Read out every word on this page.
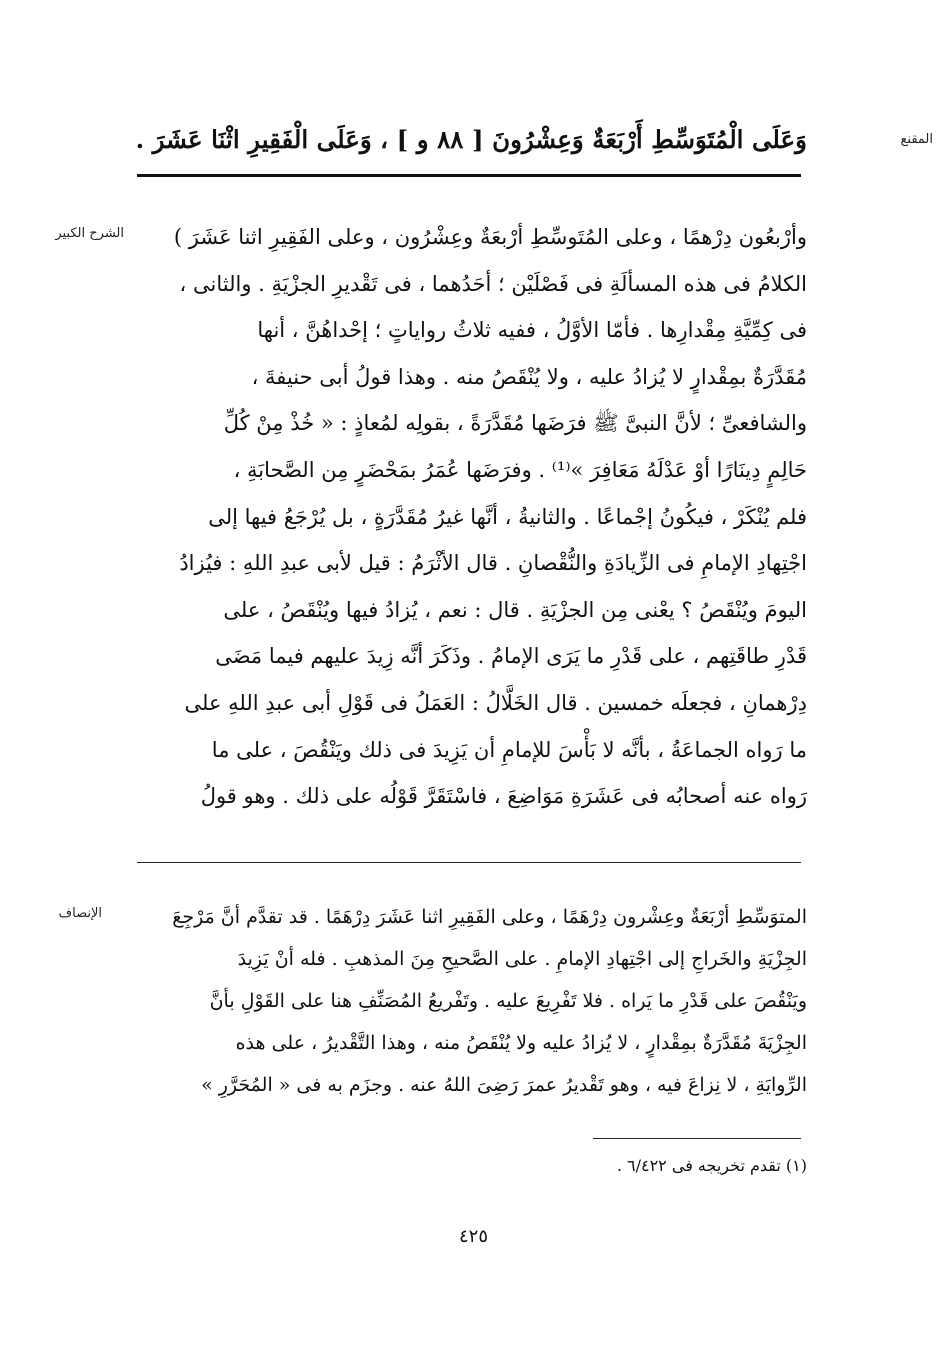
المقنع
وَعَلَى الْمُتَوَسِّطِ أَرْبَعَةٌ وَعِشْرُونَ [ ٨٨ و ] ، وَعَلَى الْفَقِيرِ اثْنَا عَشَرَ .
الشرح الكبير	وأرْبعُون دِرْهمًا ، وعلى المُتَوسِّطِ أرْبعَةٌ وعِشْرُون ، وعلى الفَقِيرِ اثنا عَشَرَ )
الكلامُ فى هذه المسألَةِ فى فَصْلَيْن ؛ أحَدُهما ، فى تَقْديرِ الجزْيَةِ . والثانى ،
فى كِمِّيَّةِ مِقْدارِها . فأمّا الأوَّلُ ، ففيه ثلاثُ رواياتٍ ؛ إحْداهُنَّ ، أنها
مُقَدَّرَةٌ بمِقْدارٍ لا يُزادُ عليه ، ولا يُنْقَصُ منه . وهذا قولُ أبى حنيفةَ ،
والشافعىِّ ؛ لأنَّ النبىَّ ﷺ فرَضَها مُقَدَّرَةً ، بقولِه لمُعاذٍ : « خُذْ مِنْ كُلِّ
حَالِمٍ دِينَارًا أوْ عَدْلَهُ مَعَافِرَ »⁽¹⁾ . وفرَضَها عُمَرُ بمَحْضَرٍ مِن الصَّحابَةِ ،
فلم يُنْكَرْ ، فيكُونُ إجْماعًا . والثانيةُ ، أنَّها غيرُ مُقَدَّرَةٍ ، بل يُرْجَعُ فيها إلى
اجْتِهادِ الإمامِ فى الزِّيادَةِ والنُّقْصانِ . قال الأثْرَمُ : قيل لأبى عبدِ اللهِ : فيُزادُ
اليومَ ويُنْقَصُ ؟ يعْنى مِن الجزْيَةِ . قال : نعم ، يُزادُ فيها ويُنْقَصُ ، على
قَدْرِ طاقَتِهم ، على قَدْرِ ما يَرَى الإمامُ . وذَكَرَ أنَّه زِيدَ عليهم فيما مَضَى
دِرْهمانِ ، فجعلَه خمسين . قال الخَلَّالُ : العَمَلُ فى قَوْلِ أبى عبدِ اللهِ على
ما رَواه الجماعَةُ ، بأنَّه لا بَأْسَ للإمامِ أن يَزِيدَ فى ذلك ويَنْقُصَ ، على ما
رَواه عنه أصحابُه فى عَشَرَةِ مَوَاضِعَ ، فاسْتَقَرَّ قَوْلُه على ذلك . وهو قولُ
الإنصاف	المتوَسِّطِ أرْبَعَةٌ وعِشْرون دِرْهَمًا ، وعلى الفَقِيرِ اثنا عَشَرَ دِرْهَمًا . قد تقدَّم أنَّ مَرْجِعَ
الجِزْيَةِ والخَراجِ إلى اجْتِهادِ الإمامِ . على الصَّحيحِ مِنَ المذهبِ . فله أنْ يَزِيدَ
ويَنْقُصَ على قَدْرِ ما يَراه . فلا تَفْرِيعَ عليه . وتَفْريعُ المُصَنِّفِ هنا على القَوْلِ بأنَّ
الجِزْيَةَ مُقَدَّرَةٌ بمِقْدارٍ ، لا يُزادُ عليه ولا يُنْقَصُ منه ، وهذا التَّقْديرُ ، على هذه
الرِّوايَةِ ، لا نِزاعَ فيه ، وهو تَقْديرُ عمرَ رَضِىَ اللهُ عنه . وجزَم به فى « المُحَرَّرِ »
(١) تقدم تخريجه فى ٦/٤٢٢ .
٤٢٥
